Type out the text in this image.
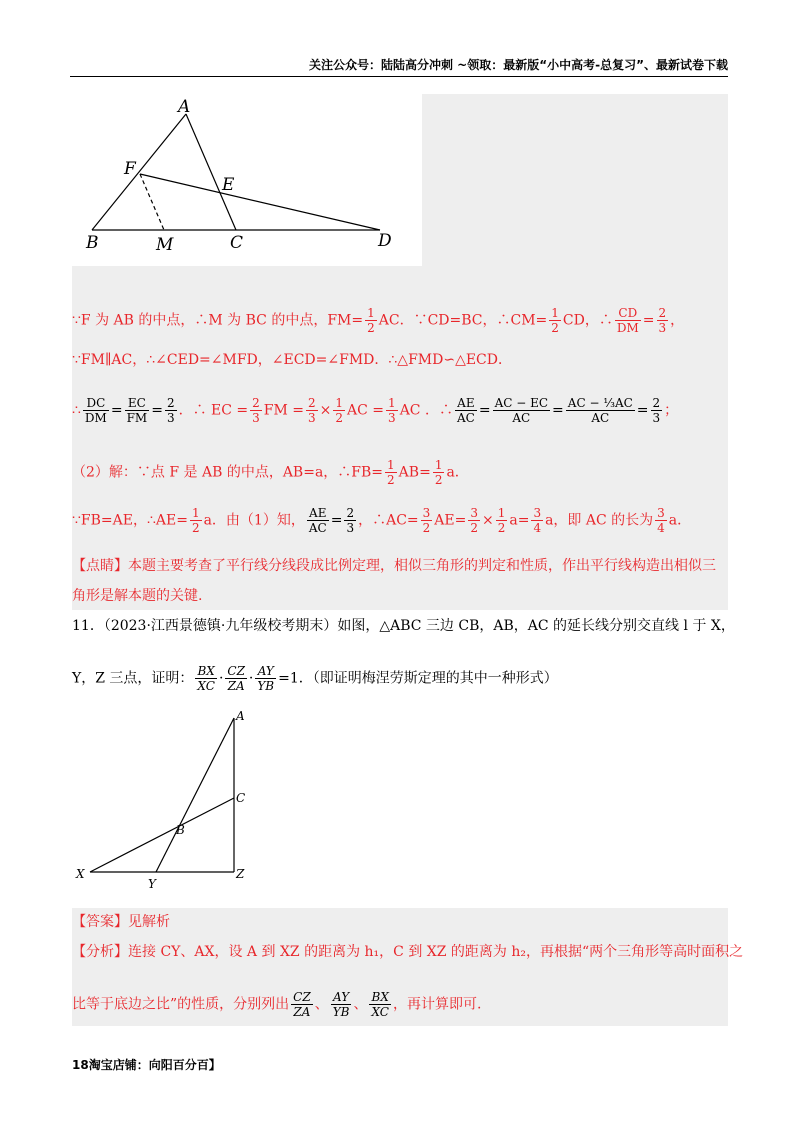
关注公众号：陆陆高分冲刺 ~领取：最新版“小中高考-总复习”、最新试卷下载
A
F
E
B	M	C	D
∵F 为 AB 的中点，∴M 为 BC 的中点，$FM= \frac{1}{2}$ AC．∵CD=BC，∴CM= $\frac{1}{2}$ CD，∴ $\frac{CD}{DM} = \frac{2}{3}$ ，
∵FM∥AC，∴∠CED=∠MFD，∠ECD=∠FMD．∴△FMD∽△ECD．
∴ $\frac{DC}{DM} = \frac{EC}{FM} = \frac{2}{3}$ ．∴ EC = $\frac{2}{3}$ FM = $\frac{2}{3} \times \frac{1}{2}$ AC = $\frac{1}{3}$ AC ．∴ $\frac{AE}{AC} = \frac{AC - EC}{AC} = \frac{\text{AC − ⅓AC}}{AC} = \frac{2}{3}$ ；
（2）解：∵点 F 是 AB 的中点，AB=a，∴FB= $\frac{1}{2} AB= \frac{1}{2}$ a．
∵FB=AE，∴AE= $\frac{1}{2}$ a．由（1）知， $\frac{AE}{AC} = \frac{2}{3}$ ，∴AC= $\frac{3}{2} AE= \frac{3}{2} \times \frac{1}{2} a= \frac{3}{4}$ a，即 AC 的长为 $\frac{3}{4}$ a．
【点睛】本题主要考查了平行线分线段成比例定理，相似三角形的判定和性质，作出平行线构造出相似三
角形是解本题的关键.
11．（2023·江西景德镇·九年级校考期末）如图，△ABC 三边 CB，AB，AC 的延长线分别交直线 l 于 X，
Y，Z 三点，证明： $\frac{BX}{XC} \cdot \frac{CZ}{ZA} \cdot \frac{AY}{YB} =1$．（即证明梅涅劳斯定理的其中一种形式）
A
C
B
X
Y
Z
【答案】见解析
【分析】连接 CY、AX，设 A 到 XZ 的距离为 h₁，C 到 XZ 的距离为 h₂，再根据“两个三角形等高时面积之
比等于底边之比”的性质，分别列出 $\frac{CZ}{ZA}$ 、 $\frac{AY}{YB}$ 、 $\frac{BX}{XC}$ ，再计算即可.
18淘宝店铺：向阳百分百】
